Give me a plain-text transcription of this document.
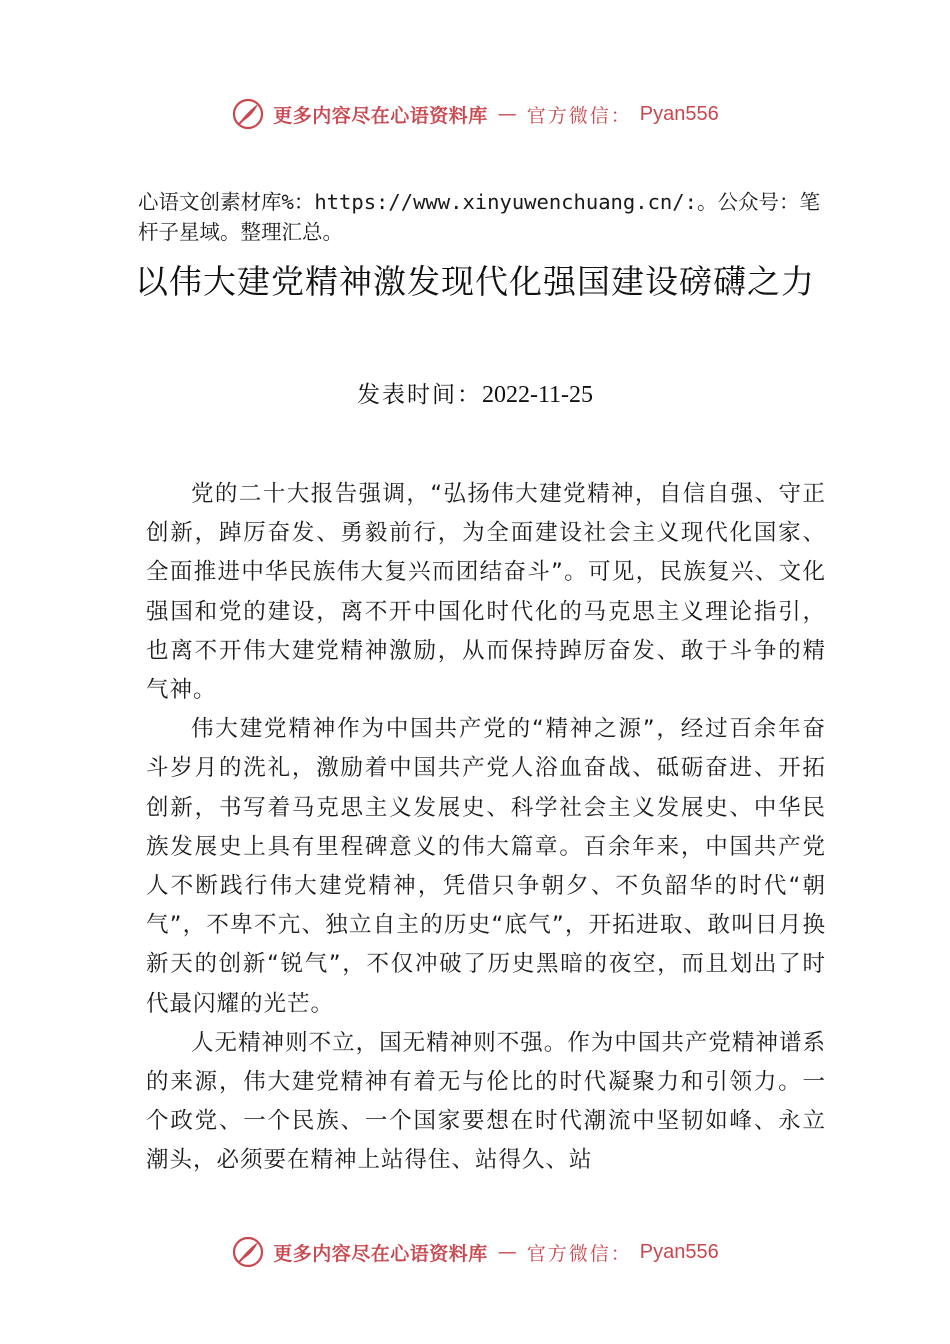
更多内容尽在心语资料库 — 官方微信： Pyan556
心语文创素材库%：https://www.xinyuwenchuang.cn/:。公众号：笔杆子星域。整理汇总。
以伟大建党精神激发现代化强国建设磅礴之力
发表时间：2022-11-25

党的二十大报告强调，“弘扬伟大建党精神，自信自强、守正创新，踔厉奋发、勇毅前行，为全面建设社会主义现代化国家、全面推进中华民族伟大复兴而团结奋斗”。可见，民族复兴、文化强国和党的建设，离不开中国化时代化的马克思主义理论指引，也离不开伟大建党精神激励，从而保持踔厉奋发、敢于斗争的精气神。

伟大建党精神作为中国共产党的“精神之源”，经过百余年奋斗岁月的洗礼，激励着中国共产党人浴血奋战、砥砺奋进、开拓创新，书写着马克思主义发展史、科学社会主义发展史、中华民族发展史上具有里程碑意义的伟大篇章。百余年来，中国共产党人不断践行伟大建党精神，凭借只争朝夕、不负韶华的时代“朝气”，不卑不亢、独立自主的历史“底气”，开拓进取、敢叫日月换新天的创新“锐气”，不仅冲破了历史黑暗的夜空，而且划出了时代最闪耀的光芒。

人无精神则不立，国无精神则不强。作为中国共产党精神谱系的来源，伟大建党精神有着无与伦比的时代凝聚力和引领力。一个政党、一个民族、一个国家要想在时代潮流中坚韧如峰、永立潮头，必须要在精神上站得住、站得久、站

更多内容尽在心语资料库 — 官方微信： Pyan556
